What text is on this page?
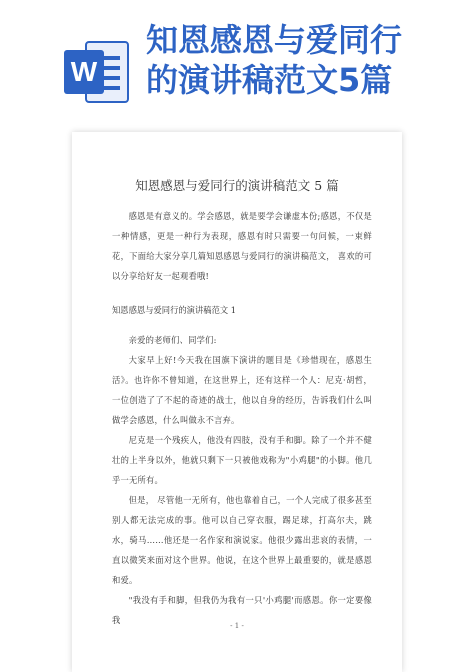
W
知恩感恩与爱同行
的演讲稿范文5篇
知恩感恩与爱同行的演讲稿范文 5 篇
感恩是有意义的。学会感恩，就是要学会谦虚本份;感恩，不仅是一种情感，更是一种行为表现，感恩有时只需要一句问候，一束鲜花，下面给大家分享几篇知恩感恩与爱同行的演讲稿范文， 喜欢的可以分享给好友一起观看哦!
知恩感恩与爱同行的演讲稿范文 1
亲爱的老师们、同学们:
大家早上好!今天我在国旗下演讲的题目是《珍惜现在，感恩生活》。也许你不曾知道，在这世界上，还有这样一个人：尼克·胡哲，一位创造了了不起的奇迹的战士，他以自身的经历，告诉我们什么叫做学会感恩，什么叫做永不言弃。
尼克是一个残疾人，他没有四肢，没有手和脚。除了一个并不健壮的上半身以外，他就只剩下一只被他戏称为"小鸡腿"的小脚。他几乎一无所有。
但是， 尽管他一无所有，他也靠着自己，一个人完成了很多甚至别人都无法完成的事。他可以自己穿衣服，踢足球，打高尔夫，跳水，骑马……他还是一名作家和演说家。他很少露出悲哀的表情，一直以微笑来面对这个世界。他说，在这个世界上最重要的，就是感恩和爱。
"我没有手和脚，但我仍为我有一只'小鸡腿'而感恩。你一定要像我
- 1 -
